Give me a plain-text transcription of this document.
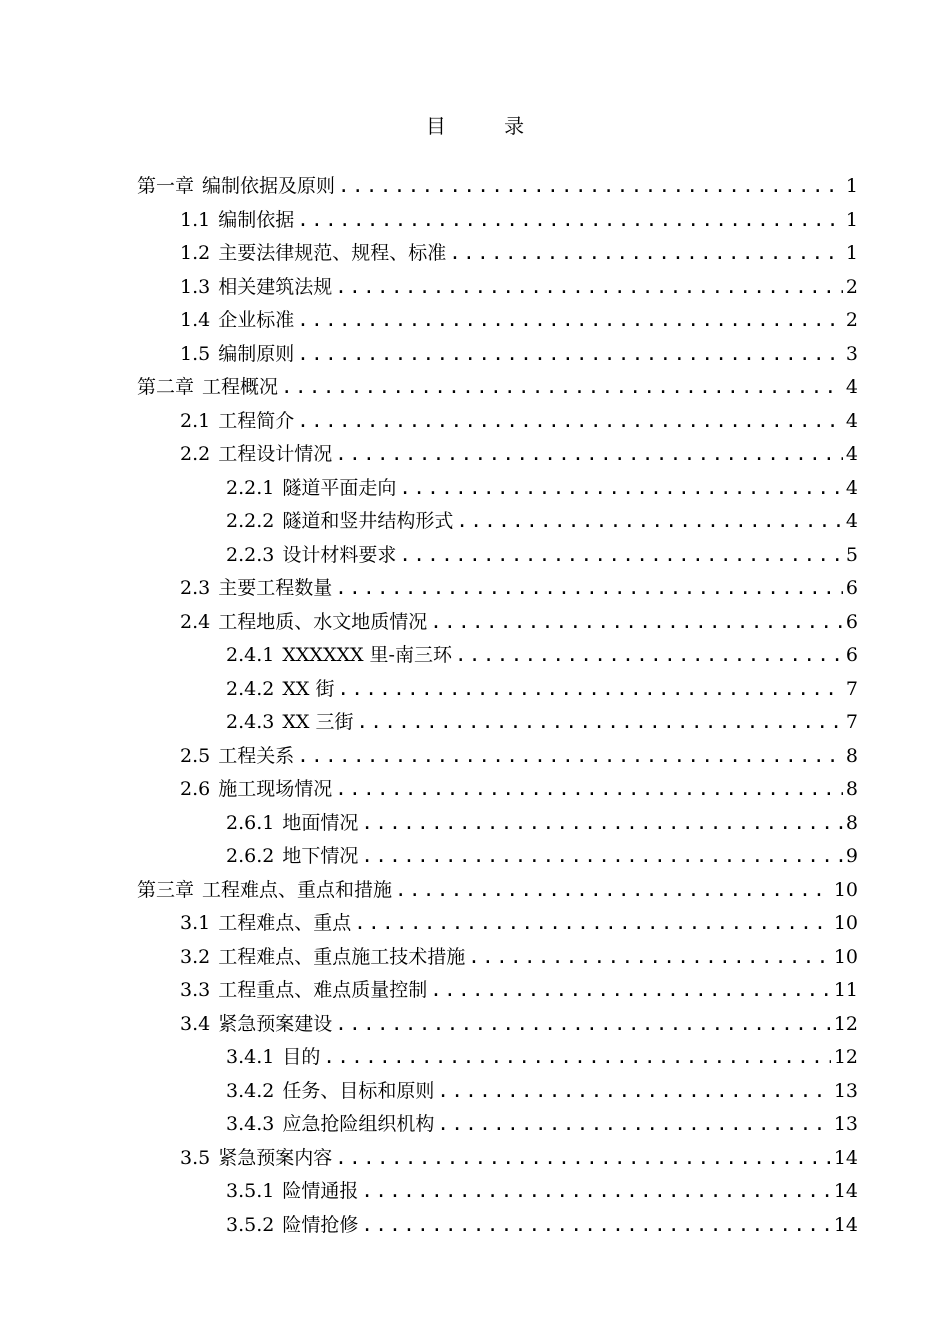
目 录
第一章 编制依据及原则 .....	1
1.1 编制依据 .....	1
1.2 主要法律规范、规程、标准 .....	1
1.3 相关建筑法规 .....	2
1.4 企业标准 .....	2
1.5 编制原则 .....	3
第二章 工程概况 .....	4
2.1 工程简介 .....	4
2.2 工程设计情况 .....	4
2.2.1 隧道平面走向 .....	4
2.2.2 隧道和竖井结构形式 .....	4
2.2.3 设计材料要求 .....	5
2.3 主要工程数量 .....	6
2.4 工程地质、水文地质情况 .....	6
2.4.1 XXXXXX 里-南三环 .....	6
2.4.2 XX 街 .....	7
2.4.3 XX 三街 .....	7
2.5 工程关系 .....	8
2.6 施工现场情况 .....	8
2.6.1 地面情况 .....	8
2.6.2 地下情况 .....	9
第三章 工程难点、重点和措施 .....	10
3.1 工程难点、重点 .....	10
3.2 工程难点、重点施工技术措施 .....	10
3.3 工程重点、难点质量控制 .....	11
3.4 紧急预案建设 .....	12
3.4.1 目的 .....	12
3.4.2 任务、目标和原则 .....	13
3.4.3 应急抢险组织机构 .....	13
3.5 紧急预案内容 .....	14
3.5.1 险情通报 .....	14
3.5.2 险情抢修 .....	14
